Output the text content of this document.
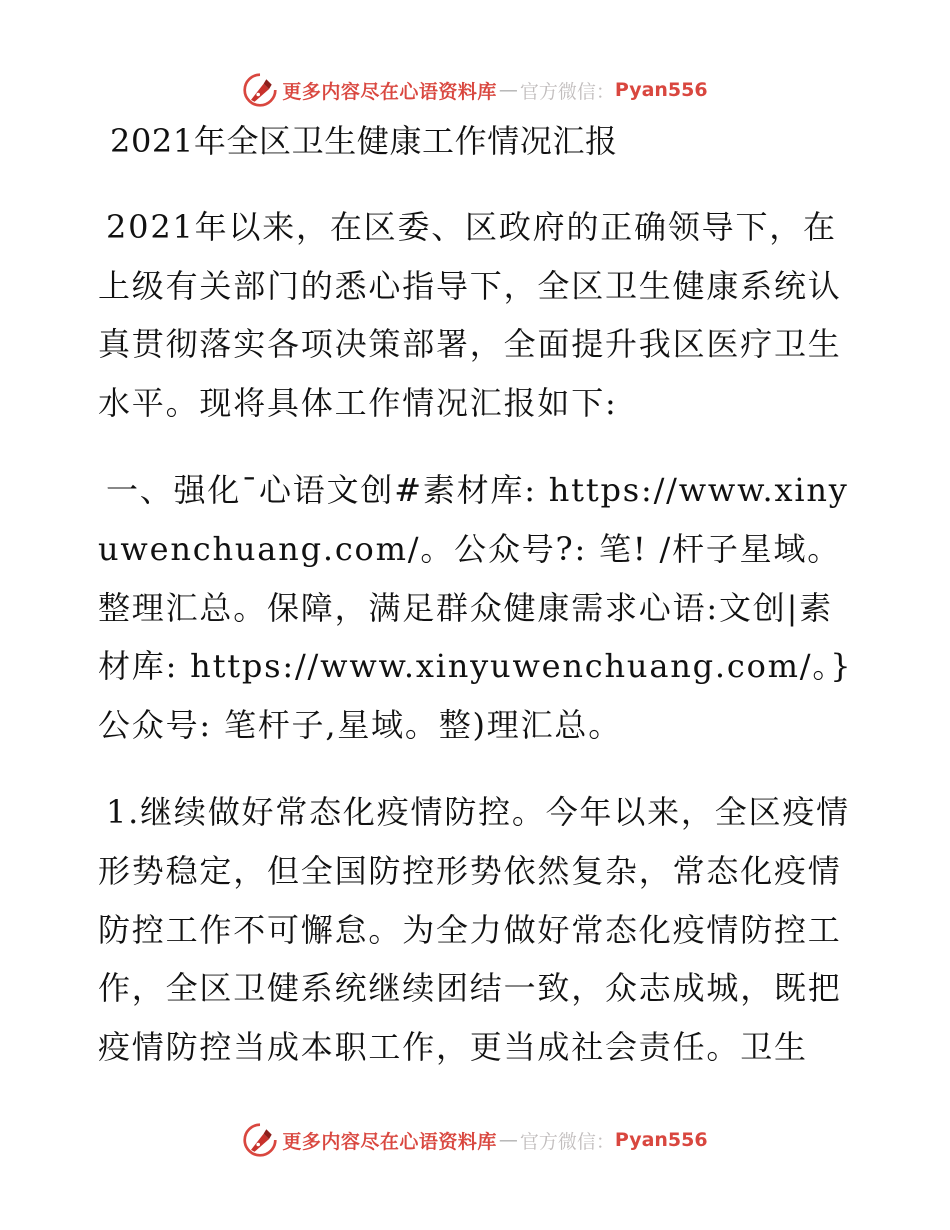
更多内容尽在心语资料库 — 官方微信： Pyan556

2021年全区卫生健康工作情况汇报

2021年以来，在区委、区政府的正确领导下，在上级有关部门的悉心指导下，全区卫生健康系统认真贯彻落实各项决策部署，全面提升我区医疗卫生水平。现将具体工作情况汇报如下:

一、强化¯心语文创#素材库: https://www.xinyuwenchuang.com/。公众号?: 笔! /杆子星域。整理汇总。保障，满足群众健康需求心语:文创|素材库: https://www.xinyuwenchuang.com/。}公众号: 笔杆子,星域。整)理汇总。

1.继续做好常态化疫情防控。今年以来，全区疫情形势稳定，但全国防控形势依然复杂，常态化疫情防控工作不可懈怠。为全力做好常态化疫情防控工作，全区卫健系统继续团结一致，众志成城，既把疫情防控当成本职工作，更当成社会责任。卫生

更多内容尽在心语资料库 — 官方微信： Pyan556
